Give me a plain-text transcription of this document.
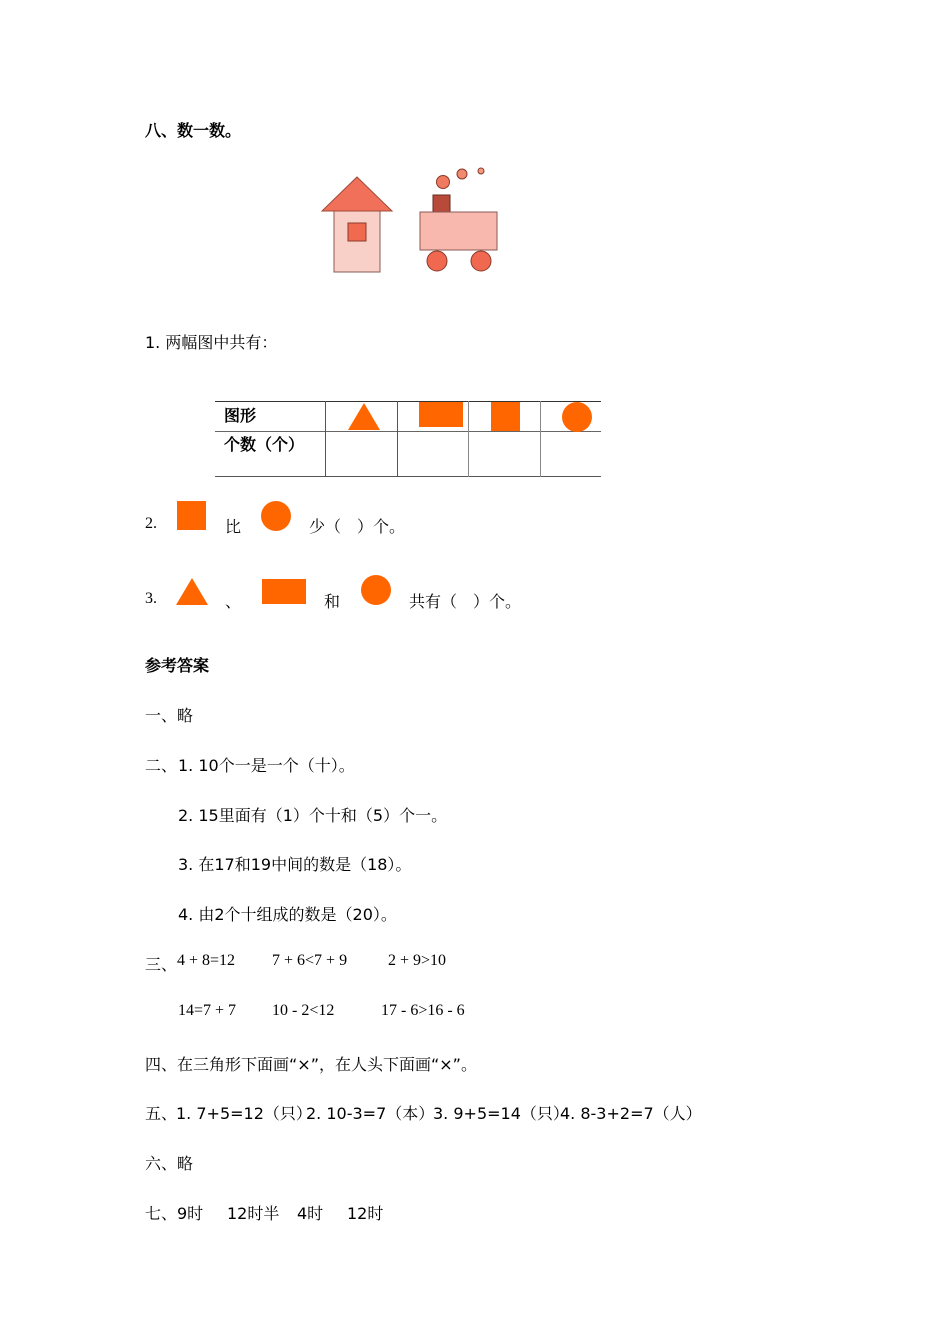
八、数一数。
1. 两幅图中共有：
图形
个数（个）
2.	比	少（　）个。
3.	、	和	共有（　）个。
参考答案
一、略
二、 1. 10个一是一个（十）。
2. 15里面有（1）个十和（5）个一。
3. 在17和19中间的数是（18）。
4. 由2个十组成的数是（20）。
三、 4 + 8=12 7 + 6<7 + 9	2 + 9>10
14=7 + 7 10 - 2<12	17 - 6>16 - 6
四、在三角形下面画“×”，在人头下面画“×”。
五、
1. 7+5=12（只）
2. 10-3=7（本）
3. 9+5=14（只）
4. 8-3+2=7（人）
六、略
七、 9时 12时半 4时 12时
